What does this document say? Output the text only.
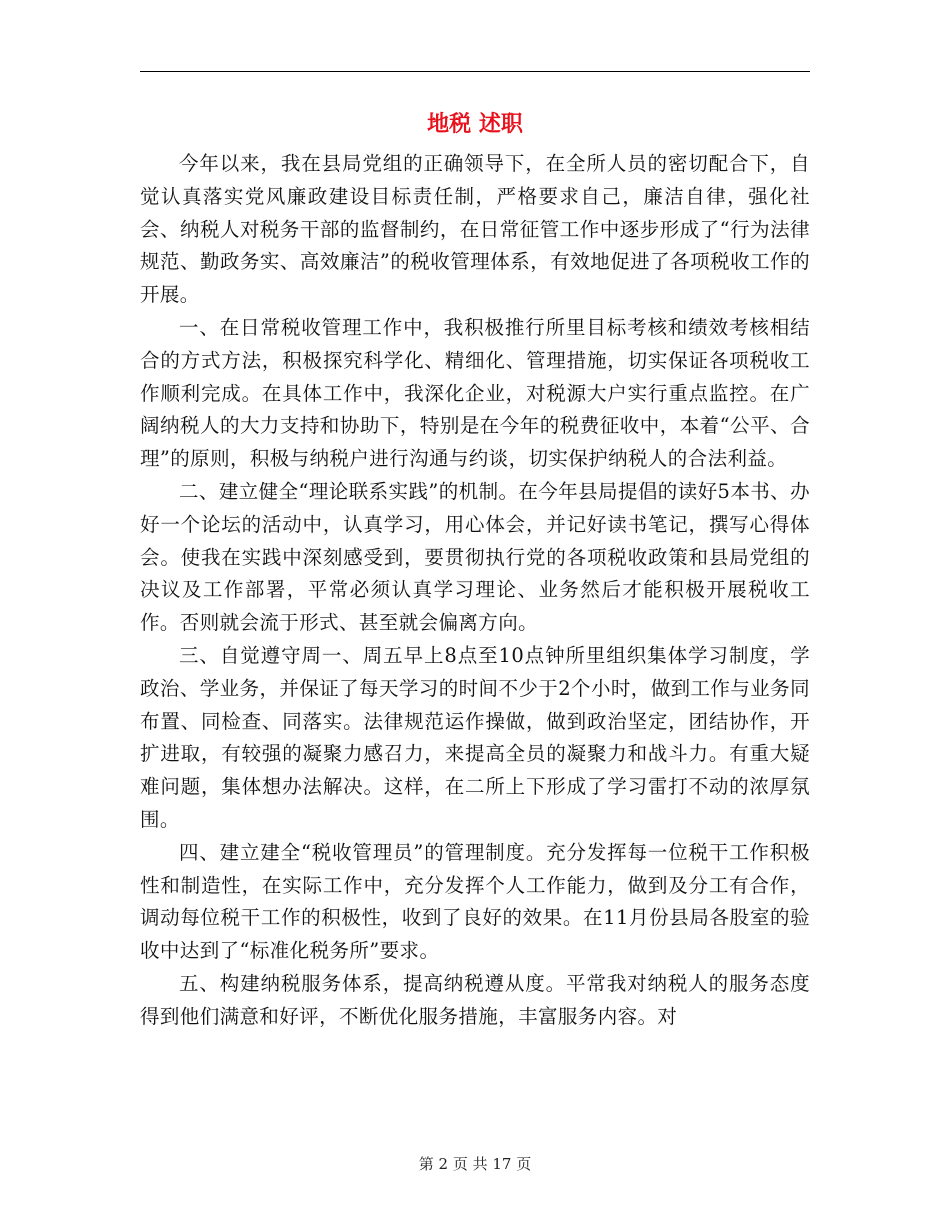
地税 述职

今年以来，我在县局党组的正确领导下，在全所人员的密切配合下，自觉认真落实党风廉政建设目标责任制，严格要求自己，廉洁自律，强化社会、纳税人对税务干部的监督制约，在日常征管工作中逐步形成了“行为法律规范、勤政务实、高效廉洁”的税收管理体系，有效地促进了各项税收工作的开展。

一、在日常税收管理工作中，我积极推行所里目标考核和绩效考核相结合的方式方法，积极探究科学化、精细化、管理措施，切实保证各项税收工作顺利完成。在具体工作中，我深化企业，对税源大户实行重点监控。在广阔纳税人的大力支持和协助下，特别是在今年的税费征收中，本着“公平、合理”的原则，积极与纳税户进行沟通与约谈，切实保护纳税人的合法利益。

二、建立健全“理论联系实践”的机制。在今年县局提倡的读好5本书、办好一个论坛的活动中，认真学习，用心体会，并记好读书笔记，撰写心得体会。使我在实践中深刻感受到，要贯彻执行党的各项税收政策和县局党组的决议及工作部署，平常必须认真学习理论、业务然后才能积极开展税收工作。否则就会流于形式、甚至就会偏离方向。

三、自觉遵守周一、周五早上8点至10点钟所里组织集体学习制度，学政治、学业务，并保证了每天学习的时间不少于2个小时，做到工作与业务同布置、同检查、同落实。法律规范运作操做，做到政治坚定，团结协作，开扩进取，有较强的凝聚力感召力，来提高全员的凝聚力和战斗力。有重大疑难问题，集体想办法解决。这样，在二所上下形成了学习雷打不动的浓厚氛围。

四、建立建全“税收管理员”的管理制度。充分发挥每一位税干工作积极性和制造性，在实际工作中，充分发挥个人工作能力，做到及分工有合作，调动每位税干工作的积极性，收到了良好的效果。在11月份县局各股室的验收中达到了“标准化税务所”要求。

五、构建纳税服务体系，提高纳税遵从度。平常我对纳税人的服务态度得到他们满意和好评，不断优化服务措施，丰富服务内容。对

第 2 页 共 17 页
